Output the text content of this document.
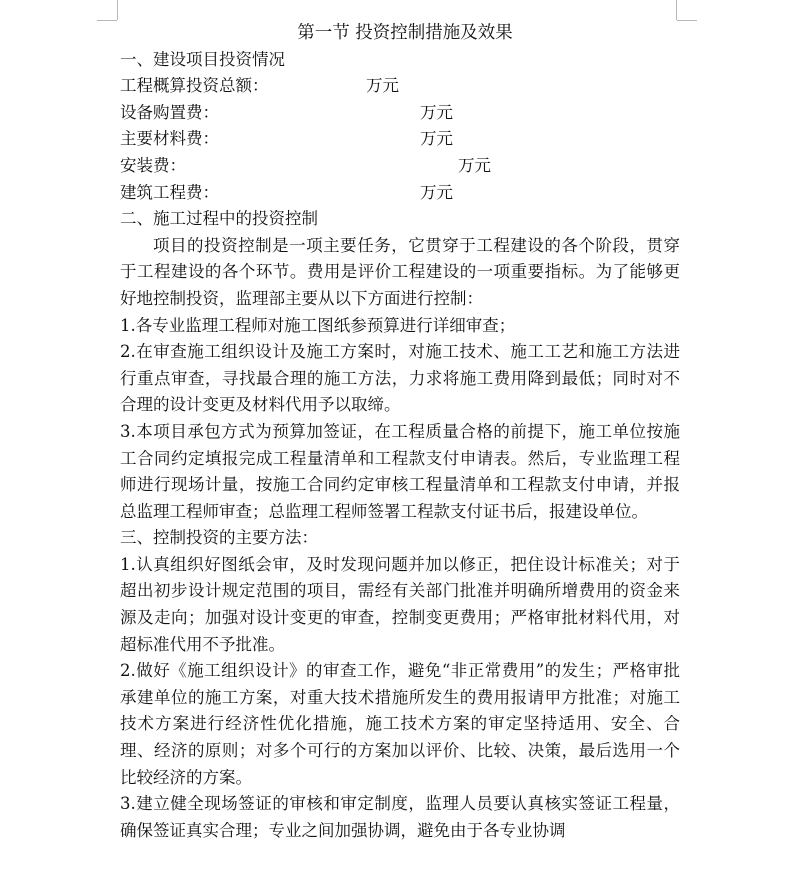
第一节 投资控制措施及效果
一、建设项目投资情况
工程概算投资总额：	万元
设备购置费：	万元
主要材料费：	万元
安装费：	万元
建筑工程费：	万元
二、施工过程中的投资控制
项目的投资控制是一项主要任务，它贯穿于工程建设的各个阶段，贯穿于工程建设的各个环节。费用是评价工程建设的一项重要指标。为了能够更好地控制投资，监理部主要从以下方面进行控制：
1.各专业监理工程师对施工图纸参预算进行详细审查；
2.在审查施工组织设计及施工方案时，对施工技术、施工工艺和施工方法进行重点审查，寻找最合理的施工方法，力求将施工费用降到最低；同时对不合理的设计变更及材料代用予以取缔。
3.本项目承包方式为预算加签证，在工程质量合格的前提下，施工单位按施工合同约定填报完成工程量清单和工程款支付申请表。然后，专业监理工程师进行现场计量，按施工合同约定审核工程量清单和工程款支付申请，并报总监理工程师审查；总监理工程师签署工程款支付证书后，报建设单位。
三、控制投资的主要方法：
1.认真组织好图纸会审，及时发现问题并加以修正，把住设计标准关；对于超出初步设计规定范围的项目，需经有关部门批准并明确所增费用的资金来源及走向；加强对设计变更的审查，控制变更费用；严格审批材料代用，对超标准代用不予批准。
2.做好《施工组织设计》的审查工作，避免“非正常费用”的发生；严格审批承建单位的施工方案，对重大技术措施所发生的费用报请甲方批准；对施工技术方案进行经济性优化措施，施工技术方案的审定坚持适用、安全、合理、经济的原则；对多个可行的方案加以评价、比较、决策，最后选用一个比较经济的方案。
3.建立健全现场签证的审核和审定制度，监理人员要认真核实签证工程量，确保签证真实合理；专业之间加强协调，避免由于各专业协调
